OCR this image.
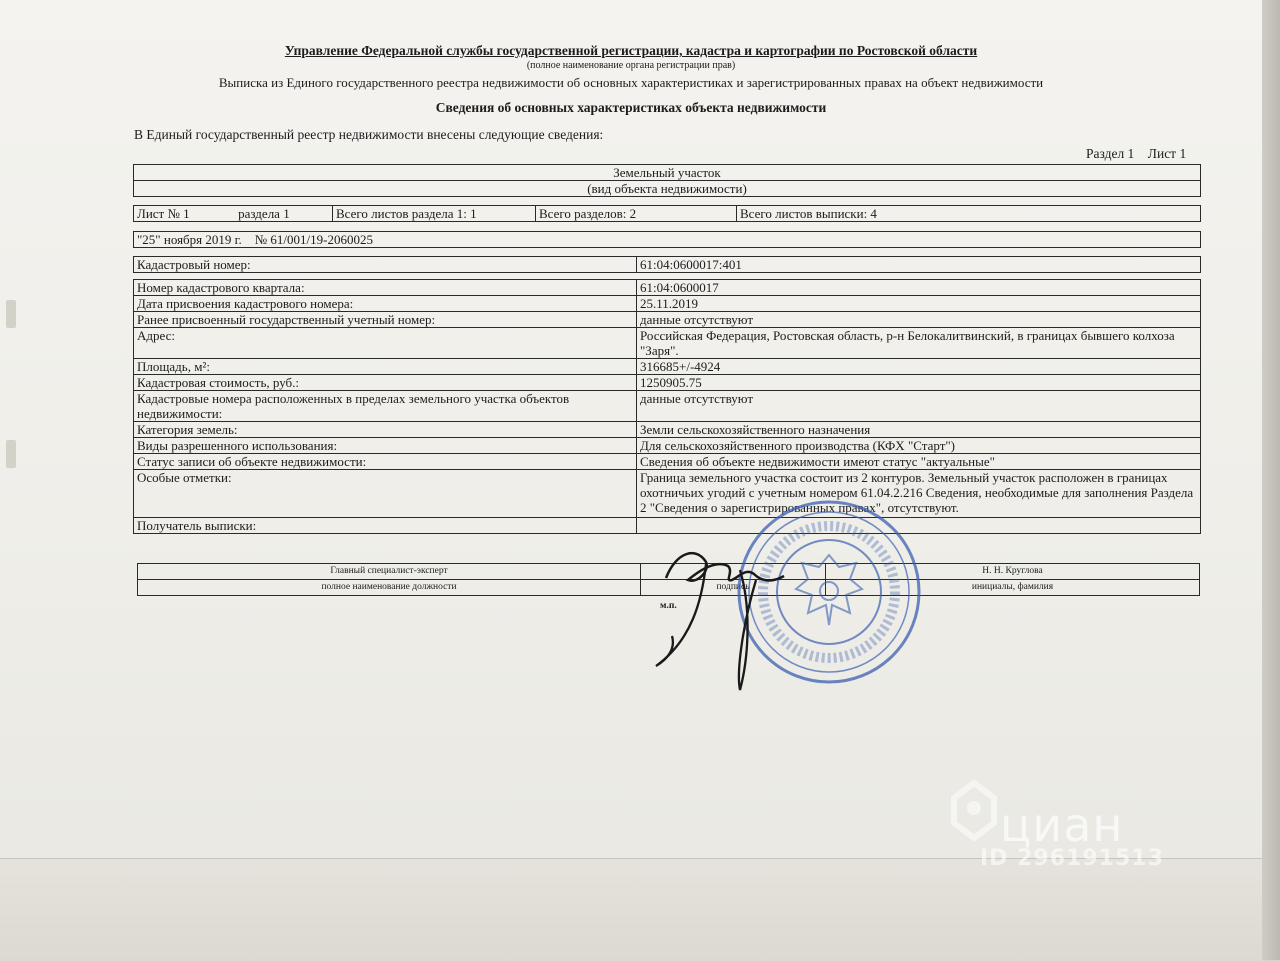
Управление Федеральной службы государственной регистрации, кадастра и картографии по Ростовской области
(полное наименование органа регистрации прав)
Выписка из Единого государственного реестра недвижимости об основных характеристиках и зарегистрированных правах на объект недвижимости
Сведения об основных характеристиках объекта недвижимости
В Единый государственный реестр недвижимости внесены следующие сведения:
Раздел 1    Лист 1
Земельный участок
(вид объекта недвижимости)
Лист № 1	раздела 1	Всего листов раздела 1: 1	Всего разделов: 2	Всего листов выписки: 4
"25" ноября 2019 г.    № 61/001/19-2060025
Кадастровый номер:	61:04:0600017:401
Номер кадастрового квартала:	61:04:0600017
Дата присвоения кадастрового номера:	25.11.2019
Ранее присвоенный государственный учетный номер:	данные отсутствуют
Адрес:	Российская Федерация, Ростовская область, р-н Белокалитвинский, в границах бывшего колхоза "Заря".
Площадь, м²:	316685+/-4924
Кадастровая стоимость, руб.:	1250905.75
Кадастровые номера расположенных в пределах земельного участка объектов недвижимости:	данные отсутствуют
Категория земель:	Земли сельскохозяйственного назначения
Виды разрешенного использования:	Для сельскохозяйственного производства (КФХ "Старт")
Статус записи об объекте недвижимости:	Сведения об объекте недвижимости имеют статус "актуальные"
Особые отметки:	Граница земельного участка состоит из 2 контуров. Земельный участок расположен в границах охотничьих угодий с учетным номером 61.04.2.216 Сведения, необходимые для заполнения Раздела 2 "Сведения о зарегистрированных правах", отсутствуют.
Получатель выписки:	
Главный специалист-эксперт		Н. Н. Круглова
полное наименование должности	подпись	инициалы, фамилия
м.п.
циан
ID 296191513
